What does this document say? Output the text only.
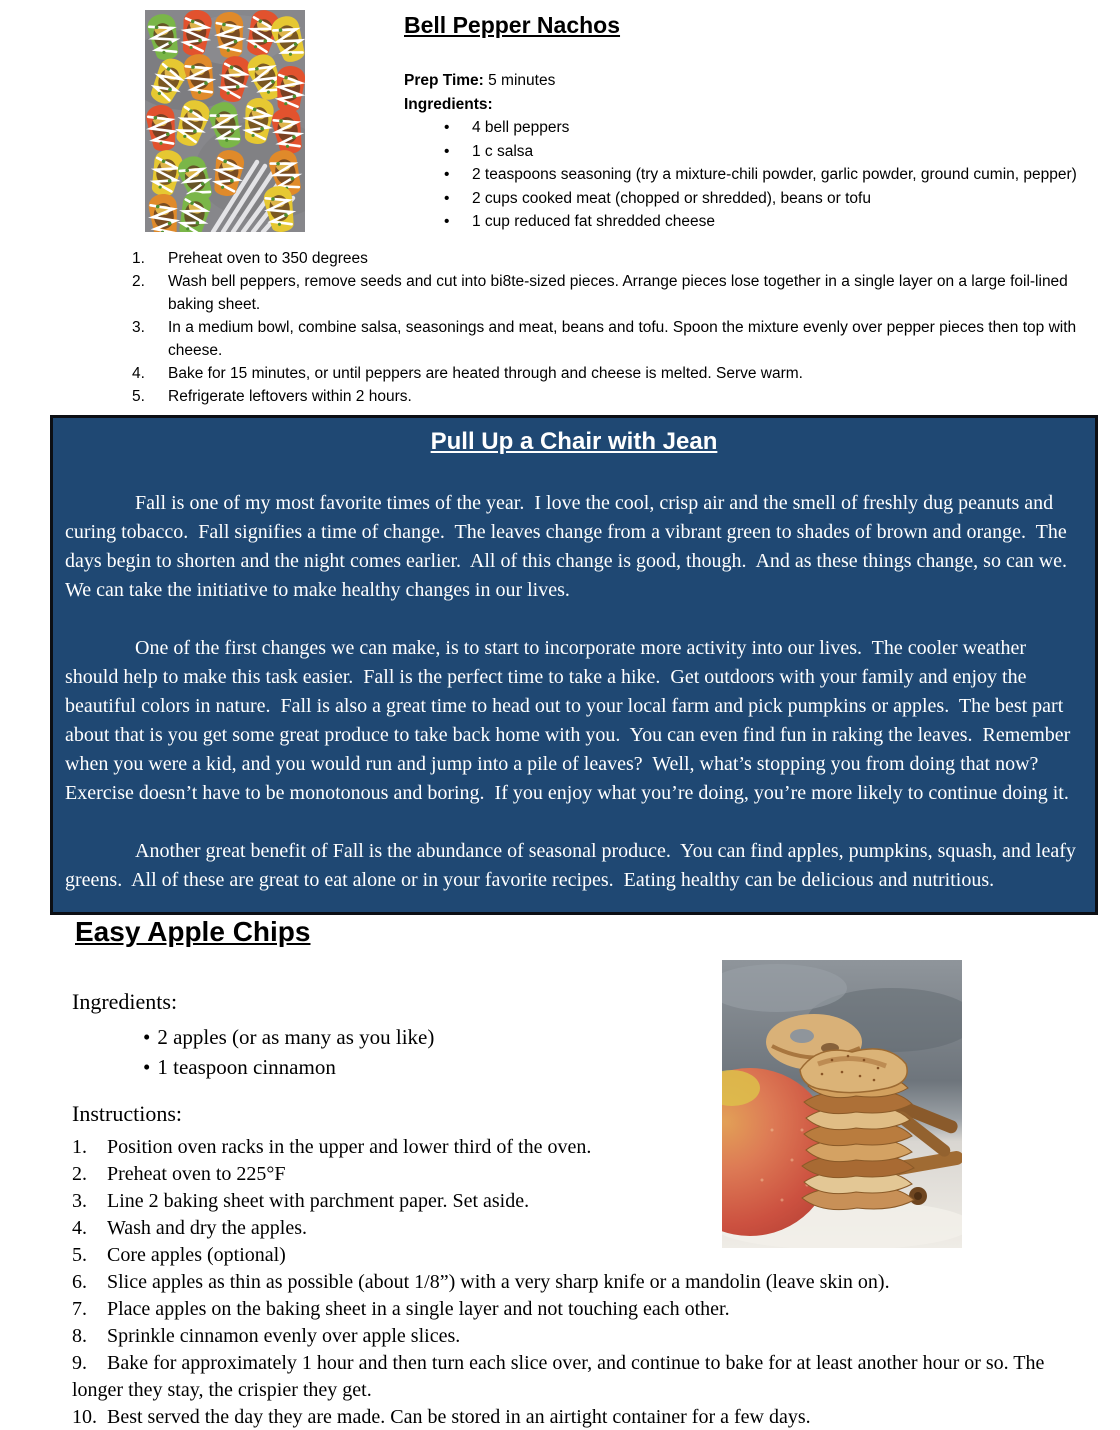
Bell Pepper Nachos

Prep Time: 5 minutes

Ingredients:

•	4 bell peppers
•	1 c salsa
•	2 teaspoons seasoning (try a mixture-chili powder, garlic powder, ground cumin, pepper)
•	2 cups cooked meat (chopped or shredded), beans or tofu
•	1 cup reduced fat shredded cheese
1.	Preheat oven to 350 degrees
2.	Wash bell peppers, remove seeds and cut into bi8te-sized pieces. Arrange pieces lose together in a single layer on a large foil-lined baking sheet.
3.	In a medium bowl, combine salsa, seasonings and meat, beans and tofu. Spoon the mixture evenly over pepper pieces then top with cheese.
4.	Bake for 15 minutes, or until peppers are heated through and cheese is melted. Serve warm.
5.	Refrigerate leftovers within 2 hours.
Pull Up a Chair with Jean

Fall is one of my most favorite times of the year.  I love the cool, crisp air and the smell of freshly dug peanuts and curing tobacco.  Fall signifies a time of change.  The leaves change from a vibrant green to shades of brown and orange.  The days begin to shorten and the night comes earlier.  All of this change is good, though.  And as these things change, so can we.  We can take the initiative to make healthy changes in our lives.

One of the first changes we can make, is to start to incorporate more activity into our lives.  The cooler weather should help to make this task easier.  Fall is the perfect time to take a hike.  Get outdoors with your family and enjoy the beautiful colors in nature.  Fall is also a great time to head out to your local farm and pick pumpkins or apples.  The best part about that is you get some great produce to take back home with you.  You can even find fun in raking the leaves.  Remember when you were a kid, and you would run and jump into a pile of leaves?  Well, what’s stopping you from doing that now?  Exercise doesn’t have to be monotonous and boring.  If you enjoy what you’re doing, you’re more likely to continue doing it.

Another great benefit of Fall is the abundance of seasonal produce.  You can find apples, pumpkins, squash, and leafy greens.  All of these are great to eat alone or in your favorite recipes.  Eating healthy can be delicious and nutritious.

Easy Apple Chips

Ingredients:

• 2 apples (or as many as you like)
• 1 teaspoon cinnamon

Instructions:

1. Position oven racks in the upper and lower third of the oven.

2. Preheat oven to 225°F

3. Line 2 baking sheet with parchment paper. Set aside.

4. Wash and dry the apples.

5. Core apples (optional)

6. Slice apples as thin as possible (about 1/8”) with a very sharp knife or a mandolin (leave skin on).

7. Place apples on the baking sheet in a single layer and not touching each other.

8. Sprinkle cinnamon evenly over apple slices.

9. Bake for approximately 1 hour and then turn each slice over, and continue to bake for at least another hour or so. The longer they stay, the crispier they get.

10. Best served the day they are made. Can be stored in an airtight container for a few days.
